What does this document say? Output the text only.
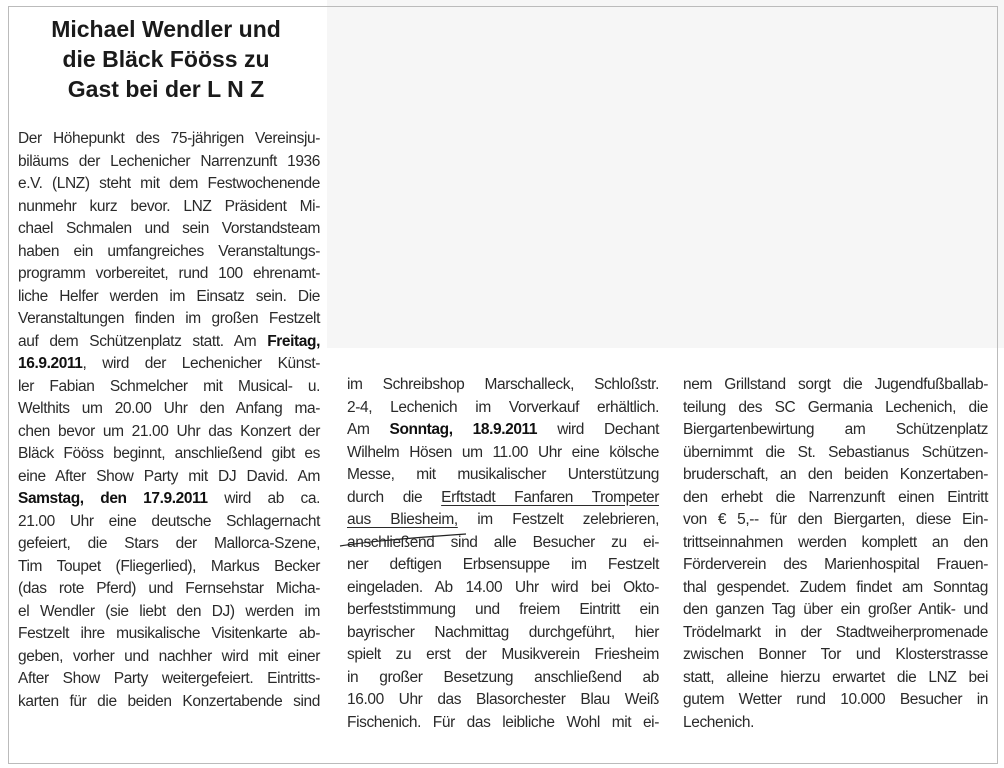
Michael Wendler und
die Bläck Fööss zu
Gast bei der L N Z
Der Höhepunkt des 75-jährigen Vereinsju-
biläums der Lechenicher Narrenzunft 1936
e.V. (LNZ) steht mit dem Festwochenende
nunmehr kurz bevor. LNZ Präsident Mi-
chael Schmalen und sein Vorstandsteam
haben ein umfangreiches Veranstaltungs-
programm vorbereitet, rund 100 ehrenamt-
liche Helfer werden im Einsatz sein. Die
Veranstaltungen finden im großen Festzelt
auf dem Schützenplatz statt. Am Freitag,
16.9.2011, wird der Lechenicher Künst-
ler Fabian Schmelcher mit Musical- u.
Welthits um 20.00 Uhr den Anfang ma-
chen bevor um 21.00 Uhr das Konzert der
Bläck Fööss beginnt, anschließend gibt es
eine After Show Party mit DJ David. Am
Samstag, den 17.9.2011 wird ab ca.
21.00 Uhr eine deutsche Schlagernacht
gefeiert, die Stars der Mallorca-Szene,
Tim Toupet (Fliegerlied), Markus Becker
(das rote Pferd) und Fernsehstar Micha-
el Wendler (sie liebt den DJ) werden im
Festzelt ihre musikalische Visitenkarte ab-
geben, vorher und nachher wird mit einer
After Show Party weitergefeiert. Eintritts-
karten für die beiden Konzertabende sind
im Schreibshop Marschalleck, Schloßstr.
2-4, Lechenich im Vorverkauf erhältlich.
Am Sonntag, 18.9.2011 wird Dechant
Wilhelm Hösen um 11.00 Uhr eine kölsche
Messe, mit musikalischer Unterstützung
durch die Erftstadt Fanfaren Trompeter
aus Bliesheim, im Festzelt zelebrieren,
anschließend sind alle Besucher zu ei-
ner deftigen Erbsensuppe im Festzelt
eingeladen. Ab 14.00 Uhr wird bei Okto-
berfeststimmung und freiem Eintritt ein
bayrischer Nachmittag durchgeführt, hier
spielt zu erst der Musikverein Friesheim
in großer Besetzung anschließend ab
16.00 Uhr das Blasorchester Blau Weiß
Fischenich. Für das leibliche Wohl mit ei-
nem Grillstand sorgt die Jugendfußballab-
teilung des SC Germania Lechenich, die
Biergartenbewirtung am Schützenplatz
übernimmt die St. Sebastianus Schützen-
bruderschaft, an den beiden Konzertaben-
den erhebt die Narrenzunft einen Eintritt
von € 5,-- für den Biergarten, diese Ein-
trittseinnahmen werden komplett an den
Förderverein des Marienhospital Frauen-
thal gespendet. Zudem findet am Sonntag
den ganzen Tag über ein großer Antik- und
Trödelmarkt in der Stadtweiherpromenade
zwischen Bonner Tor und Klosterstrasse
statt, alleine hierzu erwartet die LNZ bei
gutem Wetter rund 10.000 Besucher in
Lechenich.
